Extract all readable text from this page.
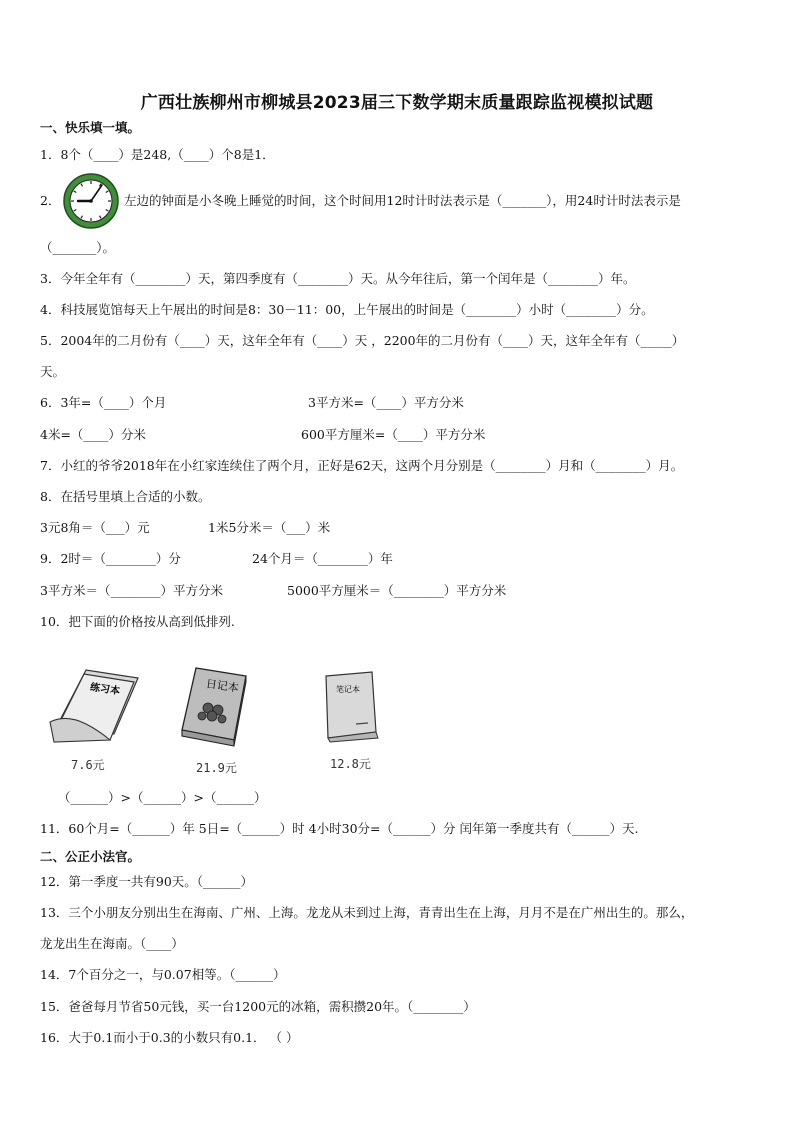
广西壮族柳州市柳城县2023届三下数学期末质量跟踪监视模拟试题
一、快乐填一填。
1．8个（____）是248,（____）个8是1．
2．	左边的钟面是小冬晚上睡觉的时间，这个时间用12时计时法表示是（_______），用24时计时法表示是
（_______）。
3．今年全年有（________）天，第四季度有（________）天。从今年往后，第一个闰年是（________）年。
4．科技展览馆每天上午展出的时间是8：30－11：00，上午展出的时间是（________）小时（________）分。
5．2004年的二月份有（____）天，这年全年有（____）天 ，2200年的二月份有（____）天，这年全年有（_____）
天。
6．3年=（____）个月	3平方米=（____）平方分米
4米=（____）分米	600平方厘米=（____）平方分米
7．小红的爷爷2018年在小红家连续住了两个月，正好是62天，这两个月分别是（________）月和（________）月。
8．在括号里填上合适的小数。
3元8角＝（___）元	1米5分米＝（___）米
9．2时＝（________）分	24个月＝（________）年
3平方米＝（________）平方分米	5000平方厘米＝（________）平方分米
10．把下面的价格按从高到低排列.
练习本
7.6元
日记本
21.9元
笔记本
12.8元
（______）>（______）>（______）
11．60个月=（______）年 5日=（______）时 4小时30分=（______）分 闰年第一季度共有（______）天.
二、公正小法官。
12．第一季度一共有90天。（______）
13．三个小朋友分别出生在海南、广州、上海。龙龙从未到过上海，青青出生在上海，月月不是在广州出生的。那么，
龙龙出生在海南。（____）
14．7个百分之一，与0.07相等。（______）
15．爸爸每月节省50元钱，买一台1200元的冰箱，需积攒20年。（________）
16．大于0.1而小于0.3的小数只有0.1． （ ）
